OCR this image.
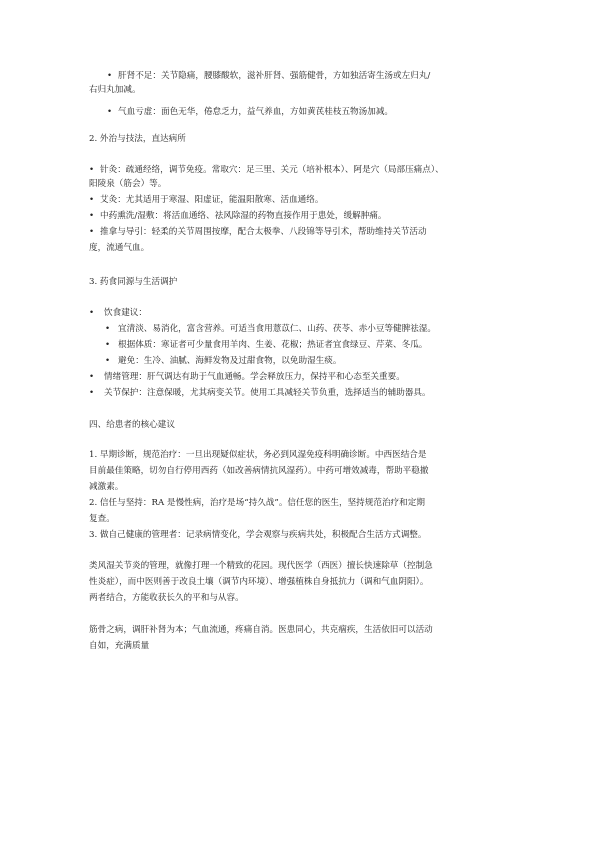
• 肝肾不足：关节隐痛，腰膝酸软，滋补肝肾、强筋健骨，方如独活寄生汤或左归丸/
右归丸加减。
• 气血亏虚：面色无华，倦怠乏力，益气养血，方如黄芪桂枝五物汤加减。
2. 外治与技法，直达病所
• 针灸：疏通经络，调节免疫。常取穴：足三里、关元（培补根本）、阿是穴（局部压痛点）、
阳陵泉（筋会）等。
• 艾灸：尤其适用于寒湿、阳虚证，能温阳散寒、活血通络。
• 中药熏洗/湿敷：将活血通络、祛风除湿的药物直接作用于患处，缓解肿痛。
• 推拿与导引：轻柔的关节周围按摩，配合太极拳、八段锦等导引术，帮助维持关节活动
度，流通气血。
3. 药食同源与生活调护
• 饮食建议：
• 宜清淡、易消化，富含营养。可适当食用薏苡仁、山药、茯苓、赤小豆等健脾祛湿。
• 根据体质：寒证者可少量食用羊肉、生姜、花椒；热证者宜食绿豆、芹菜、冬瓜。
• 避免：生冷、油腻、海鲜发物及过甜食物，以免助湿生痰。
• 情绪管理：肝气调达有助于气血通畅。学会释放压力，保持平和心态至关重要。
• 关节保护：注意保暖，尤其病变关节。使用工具减轻关节负重，选择适当的辅助器具。
四、给患者的核心建议
1. 早期诊断，规范治疗：一旦出现疑似症状，务必到风湿免疫科明确诊断。中西医结合是
目前最佳策略，切勿自行停用西药（如改善病情抗风湿药）。中药可增效减毒，帮助平稳撤
减激素。
2. 信任与坚持：RA 是慢性病，治疗是场“持久战”。信任您的医生，坚持规范治疗和定期
复查。
3. 做自己健康的管理者：记录病情变化，学会观察与疾病共处，积极配合生活方式调整。
类风湿关节炎的管理，就像打理一个精致的花园。现代医学（西医）擅长快速除草（控制急
性炎症），而中医则善于改良土壤（调节内环境）、增强植株自身抵抗力（调和气血阴阳）。
两者结合，方能收获长久的平和与从容。
筋骨之病，调肝补肾为本；气血流通，疼痛自消。医患同心，共克痼疾，生活依旧可以活动
自如，充满质量
